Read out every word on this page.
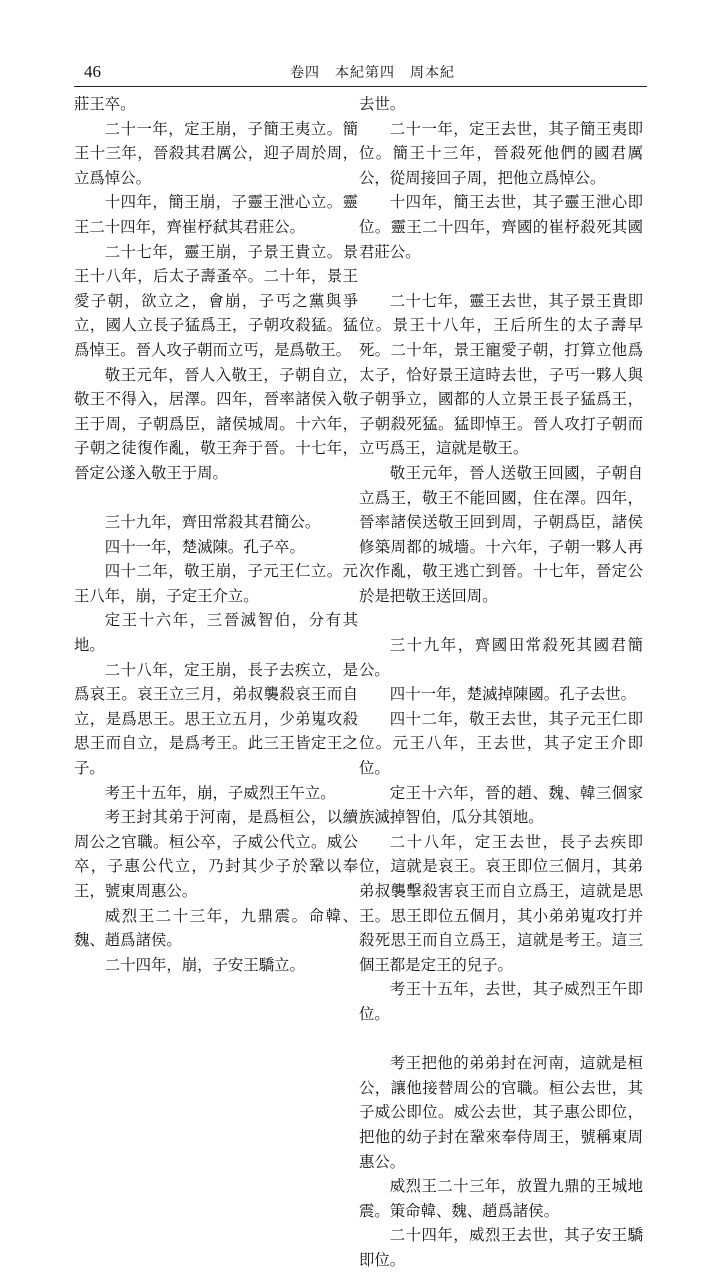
46	卷四　本紀第四　周本紀

莊王卒。

二十一年，定王崩，子簡王夷立。簡王十三年，晉殺其君厲公，迎子周於周，立爲悼公。

十四年，簡王崩，子靈王泄心立。靈王二十四年，齊崔杼弑其君莊公。

二十七年，靈王崩，子景王貴立。景王十八年，后太子壽蚤卒。二十年，景王愛子朝，欲立之，會崩，子丐之黨與爭立，國人立長子猛爲王，子朝攻殺猛。猛爲悼王。晉人攻子朝而立丐，是爲敬王。

敬王元年，晉人入敬王，子朝自立，敬王不得入，居澤。四年，晉率諸侯入敬王于周，子朝爲臣，諸侯城周。十六年，子朝之徒復作亂，敬王奔于晉。十七年，晉定公遂入敬王于周。

三十九年，齊田常殺其君簡公。

四十一年，楚滅陳。孔子卒。

四十二年，敬王崩，子元王仁立。元王八年，崩，子定王介立。

定王十六年，三晉滅智伯，分有其地。

二十八年，定王崩，長子去疾立，是爲哀王。哀王立三月，弟叔襲殺哀王而自立，是爲思王。思王立五月，少弟嵬攻殺思王而自立，是爲考王。此三王皆定王之子。

考王十五年，崩，子威烈王午立。

考王封其弟于河南，是爲桓公，以續周公之官職。桓公卒，子威公代立。威公卒，子惠公代立，乃封其少子於鞏以奉王，號東周惠公。

威烈王二十三年，九鼎震。命韓、魏、趙爲諸侯。

二十四年，崩，子安王驕立。

去世。

二十一年，定王去世，其子簡王夷即位。簡王十三年，晉殺死他們的國君厲公，從周接回子周，把他立爲悼公。

十四年，簡王去世，其子靈王泄心即位。靈王二十四年，齊國的崔杼殺死其國君莊公。

二十七年，靈王去世，其子景王貴即位。景王十八年，王后所生的太子壽早死。二十年，景王寵愛子朝，打算立他爲太子，恰好景王這時去世，子丐一夥人與子朝爭立，國都的人立景王長子猛爲王，子朝殺死猛。猛即悼王。晉人攻打子朝而立丐爲王，這就是敬王。

敬王元年，晉人送敬王回國，子朝自立爲王，敬王不能回國，住在澤。四年，晉率諸侯送敬王回到周，子朝爲臣，諸侯修築周都的城墻。十六年，子朝一夥人再次作亂，敬王逃亡到晉。十七年，晉定公於是把敬王送回周。

三十九年，齊國田常殺死其國君簡公。

四十一年，楚滅掉陳國。孔子去世。

四十二年，敬王去世，其子元王仁即位。元王八年，王去世，其子定王介即位。

定王十六年，晉的趙、魏、韓三個家族滅掉智伯，瓜分其領地。

二十八年，定王去世，長子去疾即位，這就是哀王。哀王即位三個月，其弟弟叔襲擊殺害哀王而自立爲王，這就是思王。思王即位五個月，其小弟弟嵬攻打并殺死思王而自立爲王，這就是考王。這三個王都是定王的兒子。

考王十五年，去世，其子威烈王午即位。

考王把他的弟弟封在河南，這就是桓公，讓他接替周公的官職。桓公去世，其子威公即位。威公去世，其子惠公即位，把他的幼子封在鞏來奉侍周王，號稱東周惠公。

威烈王二十三年，放置九鼎的王城地震。策命韓、魏、趙爲諸侯。

二十四年，威烈王去世，其子安王驕即位。
